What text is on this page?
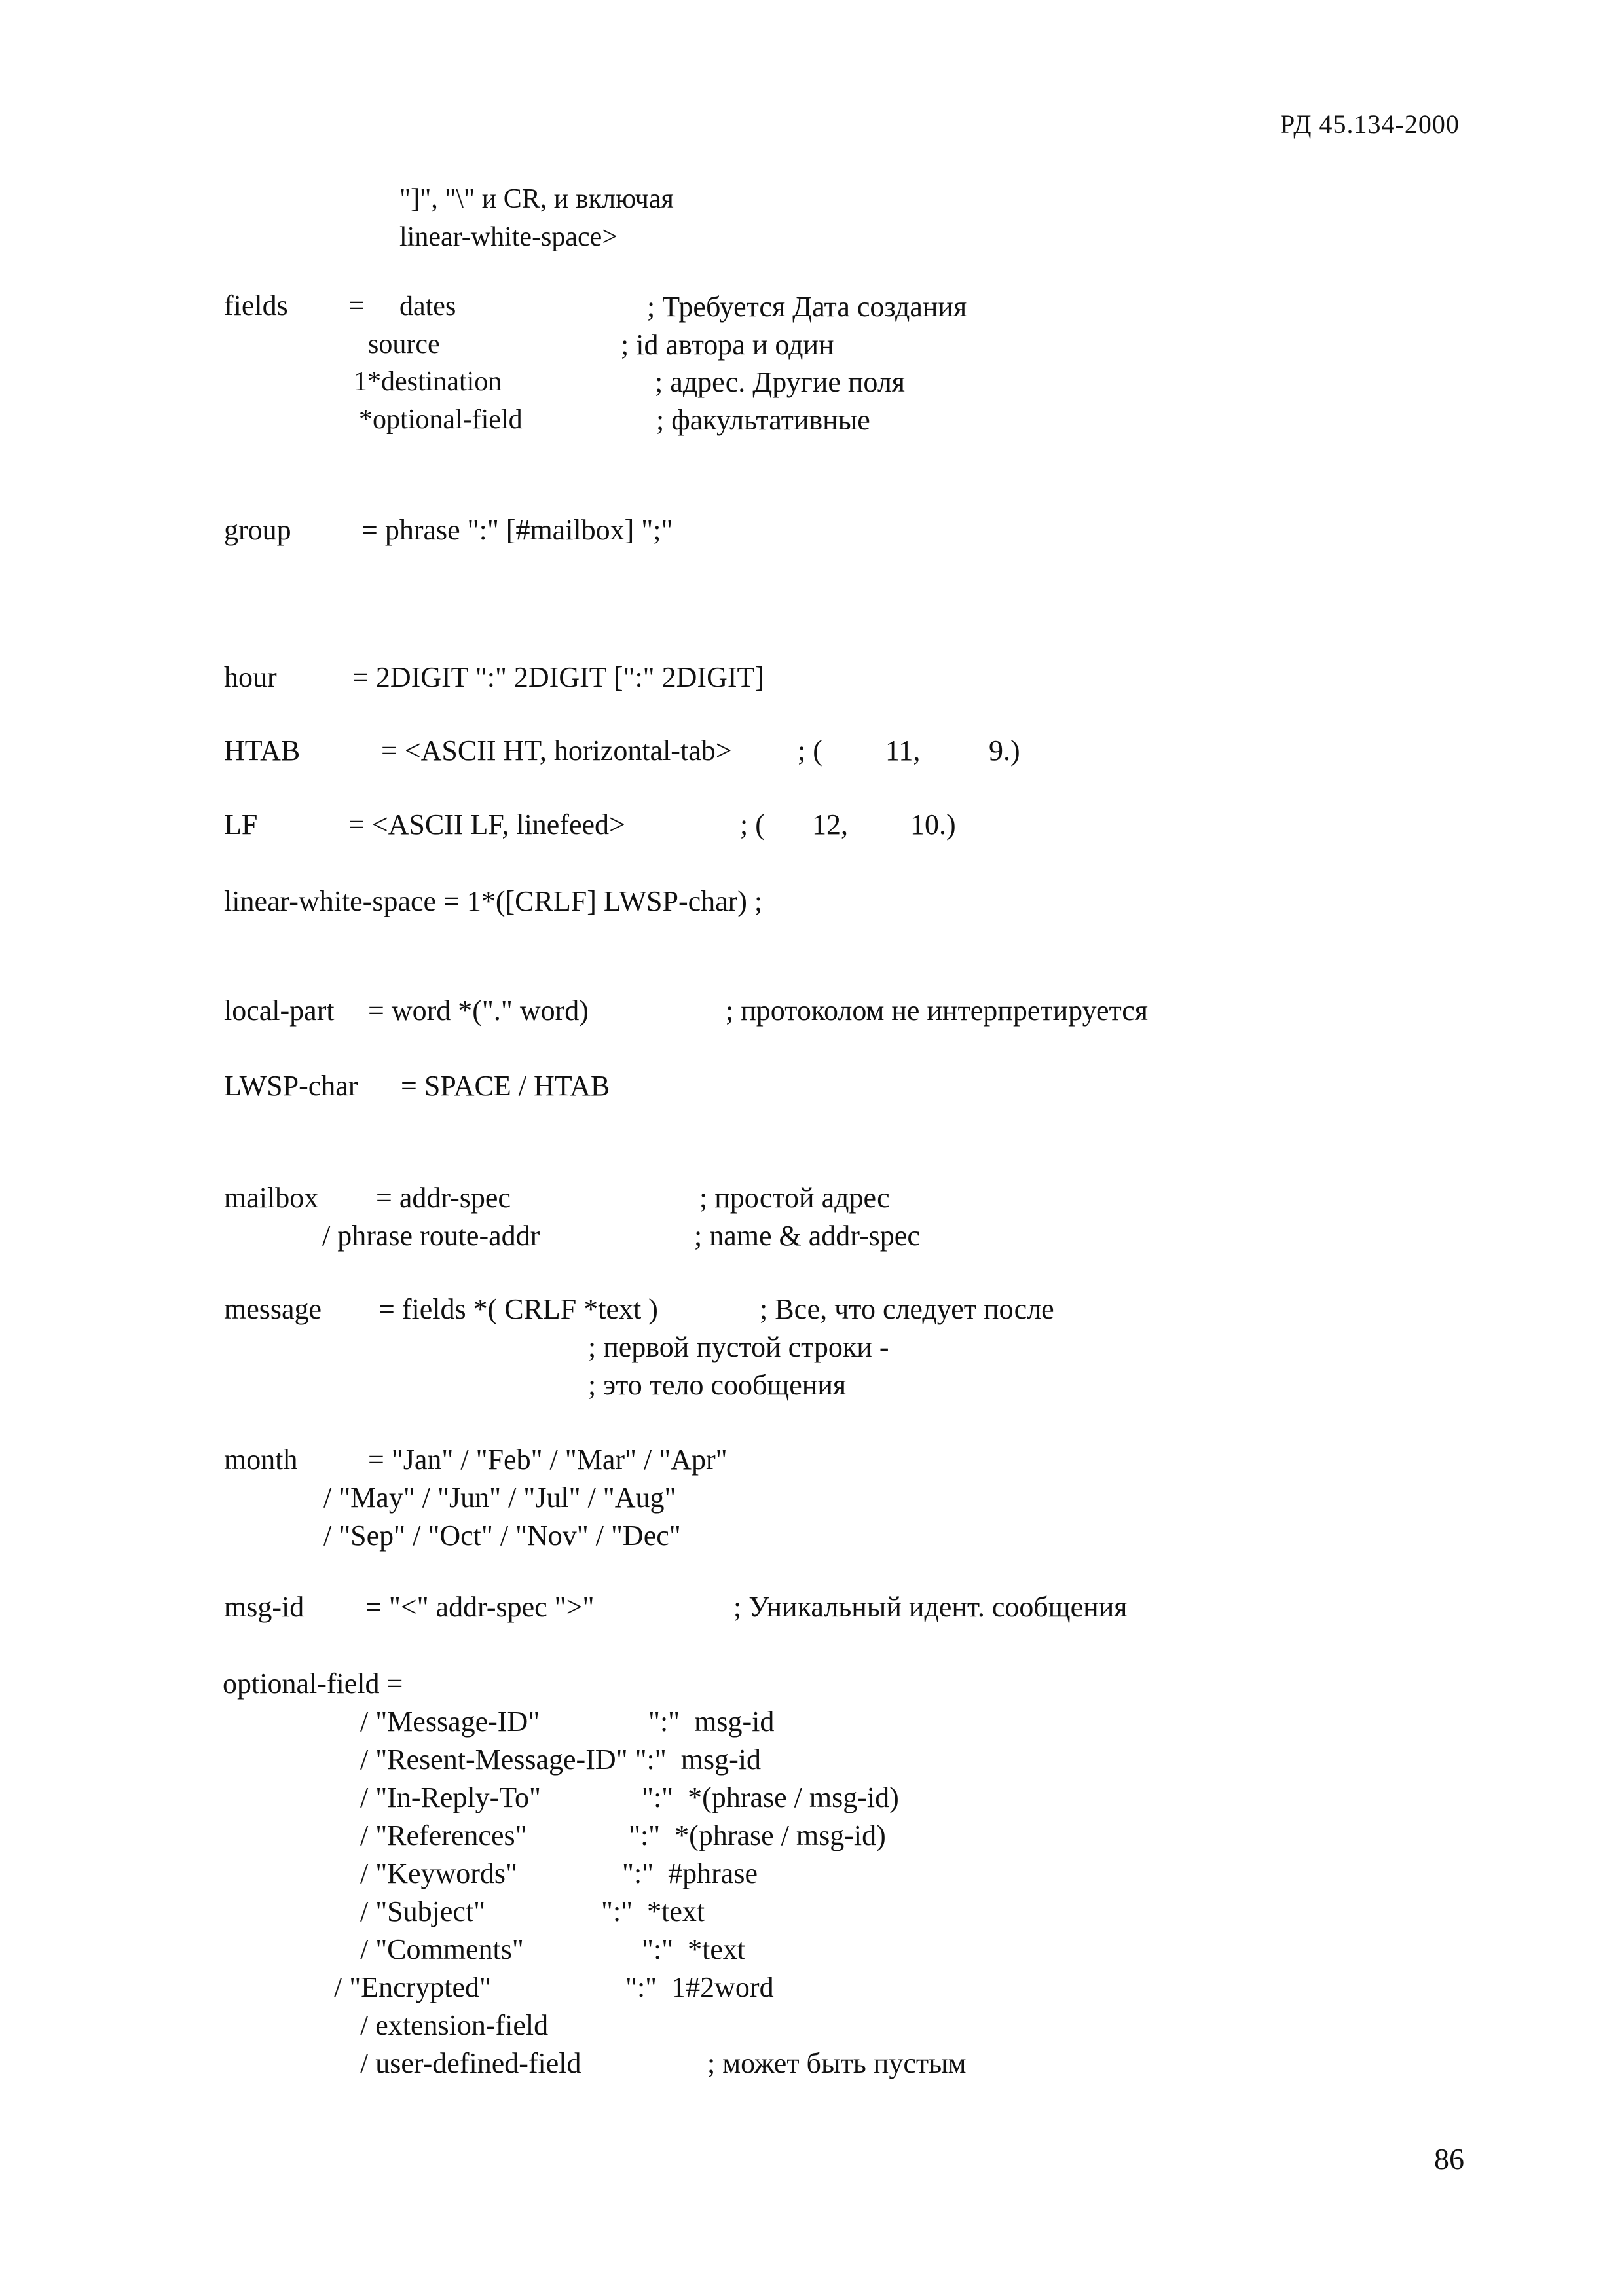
РД 45.134-2000
"]", "\" и CR, и включая
linear-white-space>
fields = dates	; Требуется Дата создания
source	; id автора и один
1*destination	; адрес. Другие поля
*optional-field	; факультативные
group = phrase ":" [#mailbox] ";"
hour	= 2DIGIT ":" 2DIGIT [":" 2DIGIT]
HTAB	= <ASCII HT, horizontal-tab> ; ( 11, 9.)
LF	= <ASCII LF, linefeed>	; ( 12, 10.)
linear-white-space = 1*([CRLF] LWSP-char) ;
local-part = word *("." word)	; протоколом не интерпретируется
LWSP-char = SPACE / HTAB
mailbox = addr-spec	; простой адрес
/ phrase route-addr	; name & addr-spec
message = fields *( CRLF *text )	; Все, что следует после
; первой пустой строки -
; это тело сообщения
month = "Jan" / "Feb" / "Mar" / "Apr"
/ "May" / "Jun" / "Jul" / "Aug"
/ "Sep" / "Oct" / "Nov" / "Dec"
msg-id = "<" addr-spec ">"	; Уникальный идент. сообщения
optional-field =
/ "Message-ID"	":"  msg-id
/ "Resent-Message-ID" ":"  msg-id
/ "In-Reply-To"	":"  *(phrase / msg-id)
/ "References"	":"  *(phrase / msg-id)
/ "Keywords"	":"  #phrase
/ "Subject"	":"  *text
/ "Comments"	":"  *text
/ "Encrypted"	":"  1#2word
/ extension-field
/ user-defined-field	; может быть пустым
86
